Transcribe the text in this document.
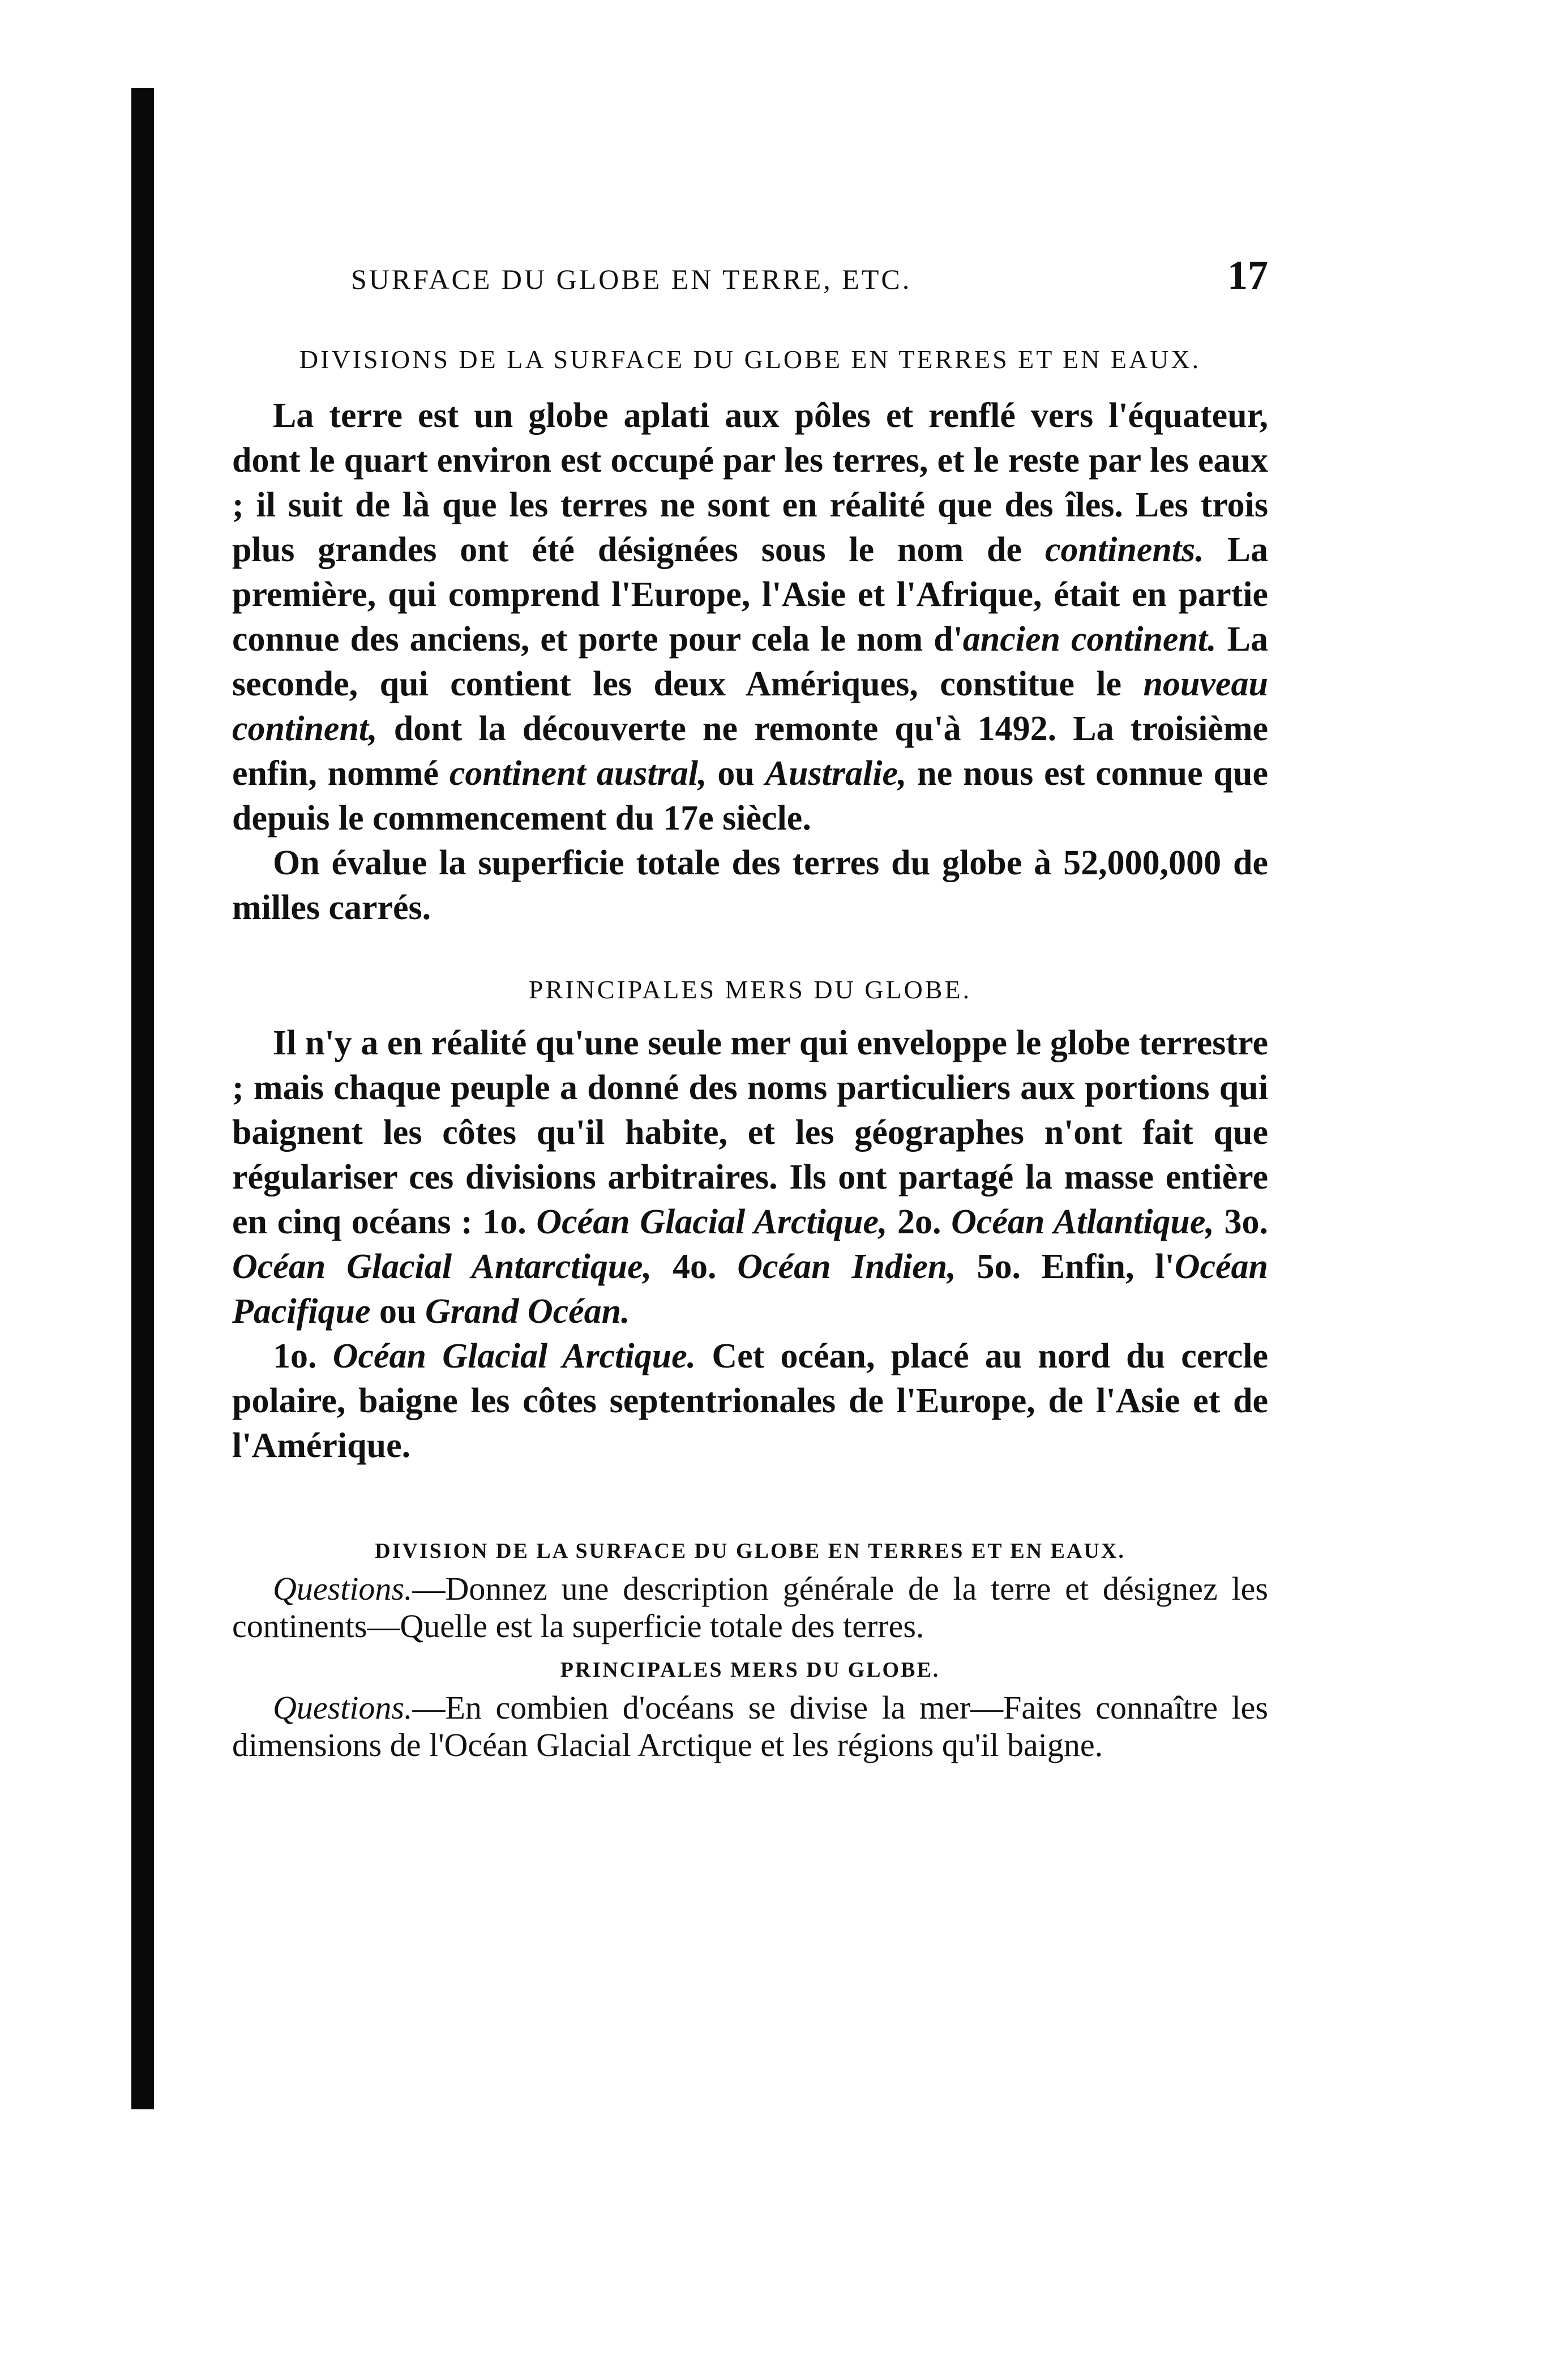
SURFACE DU GLOBE EN TERRE, ETC.	17
DIVISIONS DE LA SURFACE DU GLOBE EN TERRES ET EN EAUX.

La terre est un globe aplati aux pôles et renflé vers l'équateur, dont le quart environ est occupé par les terres, et le reste par les eaux ; il suit de là que les terres ne sont en réalité que des îles. Les trois plus grandes ont été désignées sous le nom de continents. La première, qui comprend l'Europe, l'Asie et l'Afrique, était en partie connue des anciens, et porte pour cela le nom d'ancien continent. La seconde, qui contient les deux Amériques, constitue le nouveau continent, dont la découverte ne remonte qu'à 1492. La troisième enfin, nommé continent austral, ou Australie, ne nous est connue que depuis le commencement du 17e siècle.

On évalue la superficie totale des terres du globe à 52,000,000 de milles carrés.

PRINCIPALES MERS DU GLOBE.

Il n'y a en réalité qu'une seule mer qui enveloppe le globe terrestre ; mais chaque peuple a donné des noms particuliers aux portions qui baignent les côtes qu'il habite, et les géographes n'ont fait que régulariser ces divisions arbitraires. Ils ont partagé la masse entière en cinq océans : 1o. Océan Glacial Arctique, 2o. Océan Atlantique, 3o. Océan Glacial Antarctique, 4o. Océan Indien, 5o. Enfin, l'Océan Pacifique ou Grand Océan.

1o. Océan Glacial Arctique. Cet océan, placé au nord du cercle polaire, baigne les côtes septentrionales de l'Europe, de l'Asie et de l'Amérique.

DIVISION DE LA SURFACE DU GLOBE EN TERRES ET EN EAUX.

Questions.—Donnez une description générale de la terre et désignez les continents—Quelle est la superficie totale des terres.

PRINCIPALES MERS DU GLOBE.

Questions.—En combien d'océans se divise la mer—Faites connaître les dimensions de l'Océan Glacial Arctique et les régions qu'il baigne.
